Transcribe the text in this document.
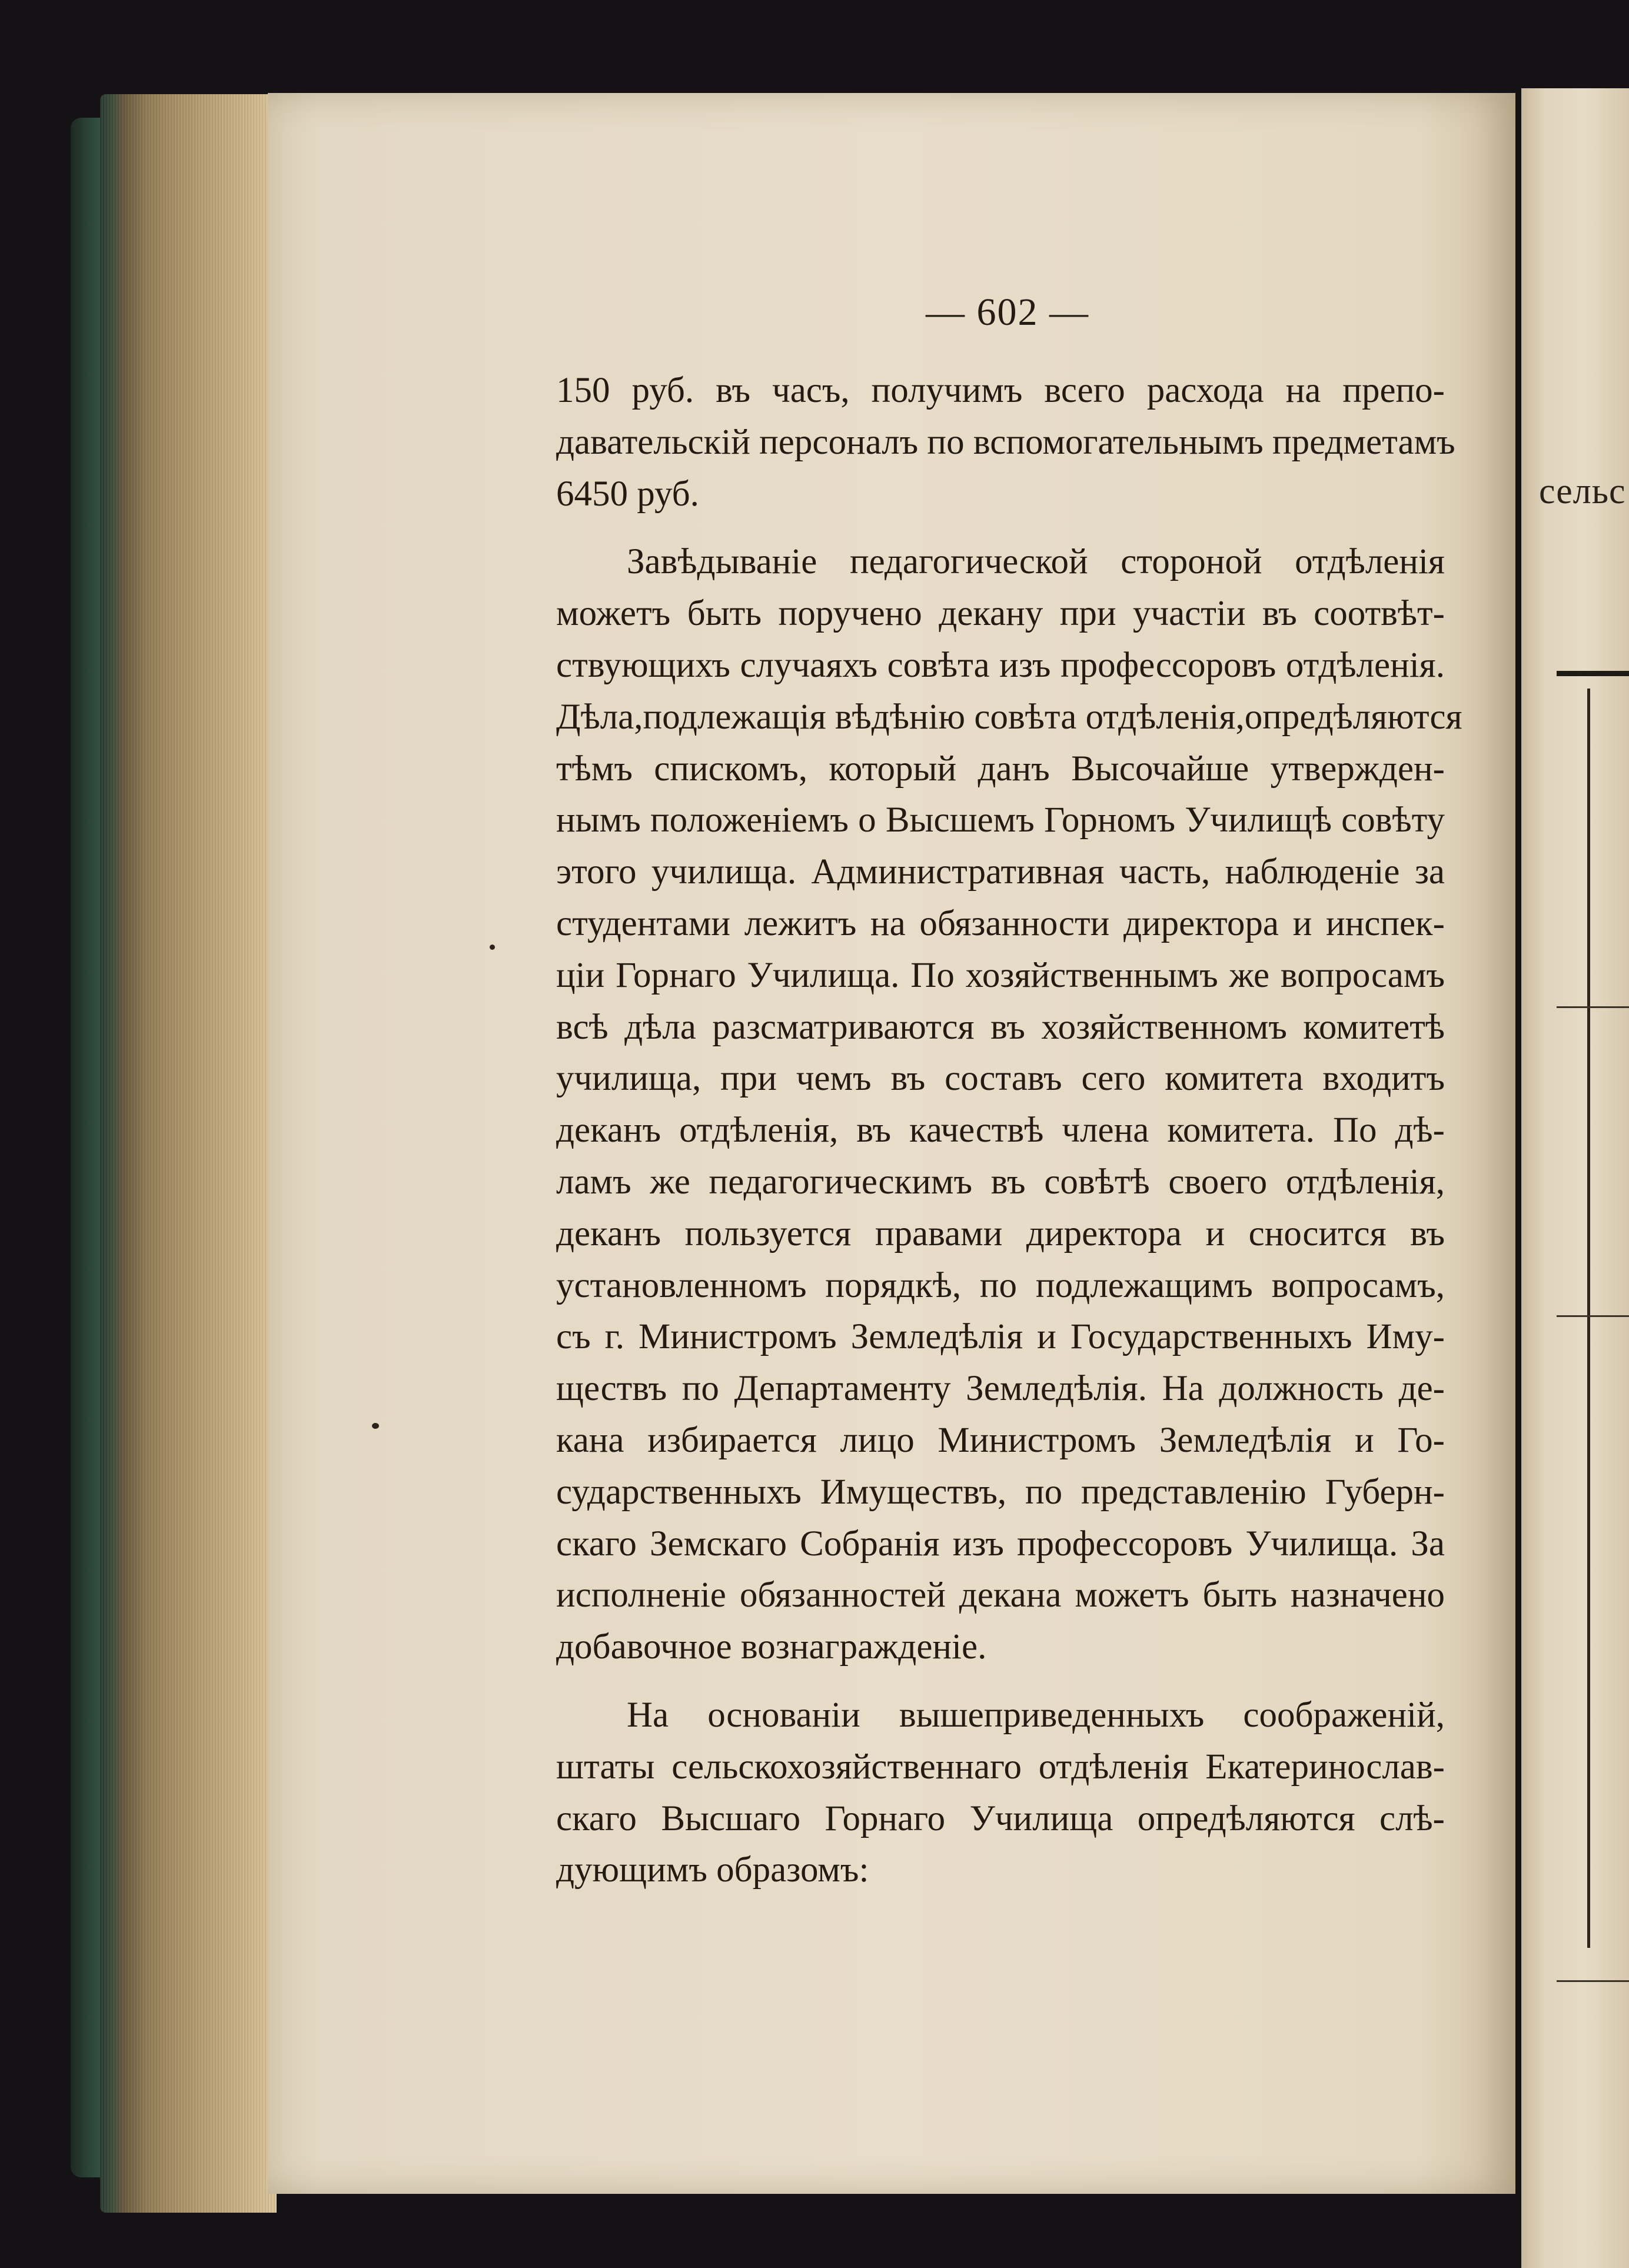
сельс
— 602 —
150 руб. въ часъ, получимъ всего расхода на препо-
давательскій персоналъ по вспомогательнымъ предметамъ
6450 руб.
Завѣдываніе педагогической стороной отдѣленія
можетъ быть поручено декану при участіи въ соотвѣт-
ствующихъ случаяхъ совѣта изъ профессоровъ отдѣленія.
Дѣла,подлежащія вѣдѣнію совѣта отдѣленія,опредѣляются
тѣмъ спискомъ, который данъ Высочайше утвержден-
нымъ положеніемъ о Высшемъ Горномъ Училищѣ совѣту
этого училища. Административная часть, наблюденіе за
студентами лежитъ на обязанности директора и инспек-
ціи Горнаго Училища. По хозяйственнымъ же вопросамъ
всѣ дѣла разсматриваются въ хозяйственномъ комитетѣ
училища, при чемъ въ составъ сего комитета входитъ
деканъ отдѣленія, въ качествѣ члена комитета. По дѣ-
ламъ же педагогическимъ въ совѣтѣ своего отдѣленія,
деканъ пользуется правами директора и сносится въ
установленномъ порядкѣ, по подлежащимъ вопросамъ,
съ г. Министромъ Земледѣлія и Государственныхъ Иму-
ществъ по Департаменту Земледѣлія. На должность де-
кана избирается лицо Министромъ Земледѣлія и Го-
сударственныхъ Имуществъ, по представленію Губерн-
скаго Земскаго Собранія изъ профессоровъ Училища. За
исполненіе обязанностей декана можетъ быть назначено
добавочное вознагражденіе.
На основаніи вышеприведенныхъ соображеній,
штаты сельскохозяйственнаго отдѣленія Екатеринослав-
скаго Высшаго Горнаго Училища опредѣляются слѣ-
дующимъ образомъ:
